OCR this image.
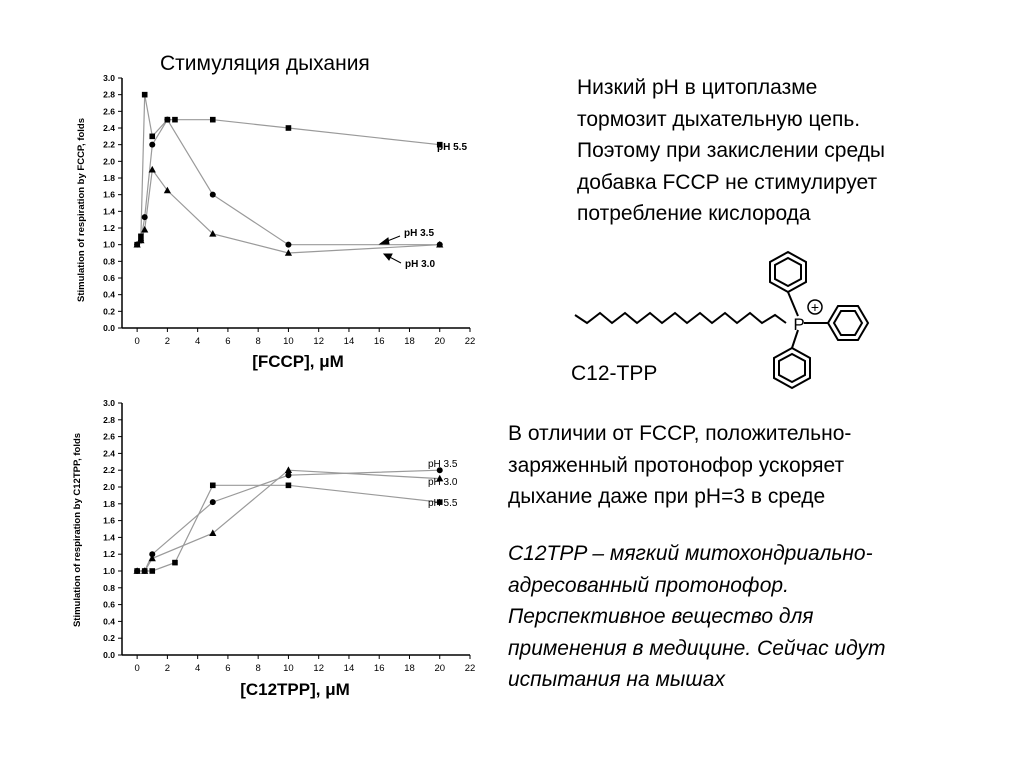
Стимуляция дыхания
Низкий pH в цитоплазме
тормозит дыхательную цепь.
Поэтому при закислении среды
добавка FCCP не стимулирует
потребление кислорода
C12-TPP
В отличии от FCCP, положительно-
заряженный протонофор ускоряет
дыхание даже при pH=3 в среде
C12TPP – мягкий митохондриально-
адресованный протонофор.
Перспективное вещество для
применения в медицине. Сейчас идут
испытания на мышах
P
+
Stimulation of respiration by FCCP, folds
[FCCP], μM
0.0
0.2
0.4
0.6
0.8
1.0
1.2
1.4
1.6
1.8
2.0
2.2
2.4
2.6
2.8
3.0
0	2	4	6	8 10 12 14 16 18 20 22
pH 5.5
pH 3.5
pH 3.0
Stimulation of respiration by C12TPP, folds
[C12TPP], μM
0.0
0.2
0.4
0.6
0.8
1.0
1.2
1.4
1.6
1.8
2.0
2.2
2.4
2.6
2.8
3.0
0	2	4	6	8 10 12 14 16 18 20 22
pH 3.5
pH 3.0
pH 5.5
